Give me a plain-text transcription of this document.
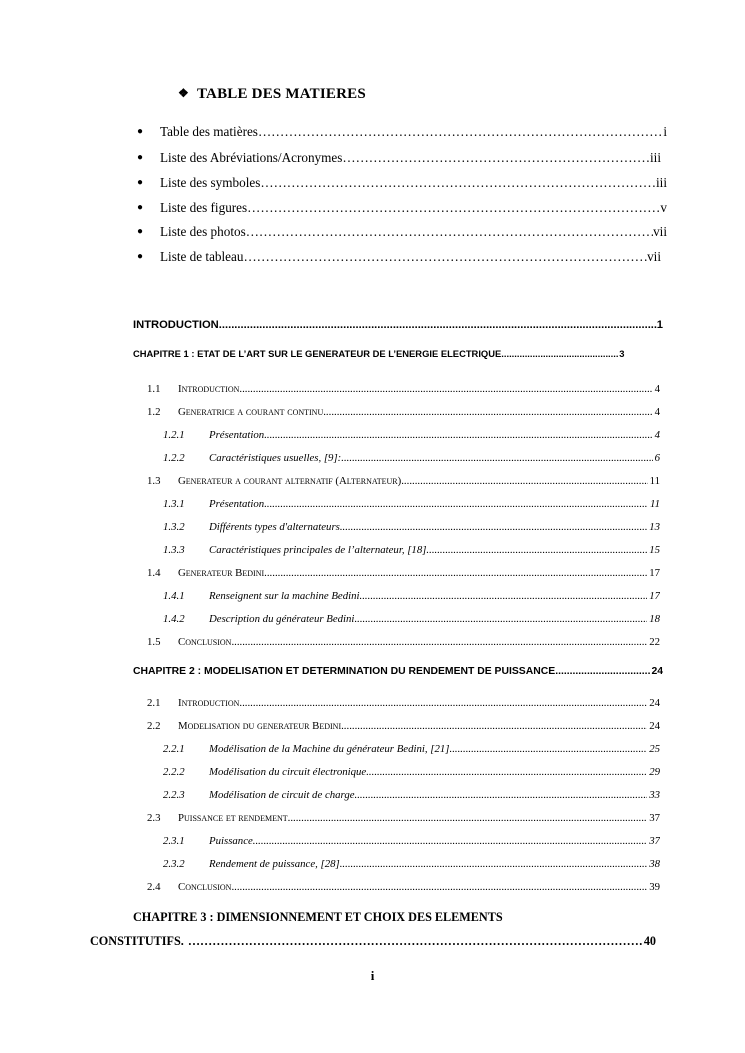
❖ TABLE DES MATIERES
● Table des matières …………………………………………………………………………………………………………………………………………………………………………	i
● Liste des Abréviations/Acronymes …………………………………………………………………………………………………………………………………………………………………………	iii
● Liste des symboles …………………………………………………………………………………………………………………………………………………………………………	iii
● Liste des figures …………………………………………………………………………………………………………………………………………………………………………	v
● Liste des photos …………………………………………………………………………………………………………………………………………………………………………	vii
● Liste de tableau …………………………………………………………………………………………………………………………………………………………………………	vii
INTRODUCTION .....	1
CHAPITRE 1 : ETAT DE L’ART SUR LE GENERATEUR DE L’ENERGIE ELECTRIQUE .....	3
1.1	Introduction .....	4
1.2	Generatrice a courant continu .....	4
1.2.1	Présentation .....	4
1.2.2	Caractéristiques usuelles, [9]: .....	6
1.3	Generateur a courant alternatif (Alternateur) .....	11
1.3.1	Présentation .....	11
1.3.2	Différents types d'alternateurs .....	13
1.3.3	Caractéristiques principales de l’alternateur, [18]. .....	15
1.4	Generateur Bedini .....	17
1.4.1	Renseignent sur la machine Bedini .....	17
1.4.2	Description du générateur Bedini .....	18
1.5	Conclusion .....	22
CHAPITRE 2 : MODELISATION ET DETERMINATION DU RENDEMENT DE PUISSANCE .....	24
2.1	Introduction .....	24
2.2	Modelisation du generateur Bedini .....	24
2.2.1	Modélisation de la Machine du générateur Bedini, [21] .....	25
2.2.2	Modélisation du circuit électronique .....	29
2.2.3	Modélisation de circuit de charge .....	33
2.3	Puissance et rendement .....	37
2.3.1	Puissance .....	37
2.3.2	Rendement de puissance, [28] .....	38
2.4	Conclusion .....	39
CHAPITRE 3 : DIMENSIONNEMENT ET CHOIX DES ELEMENTS
CONSTITUTIFS. …………………………………………………………………………………………………………………………………………………………………………	40
i
